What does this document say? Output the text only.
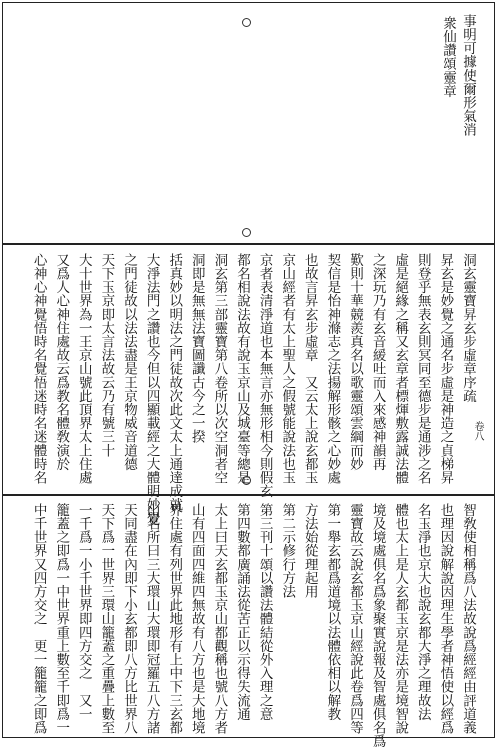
事明可據使爾形氣消
衆仙讚頌靈章
卷八
洞玄靈寶昇玄步虛章序疏
昇玄是妙覺之通名步虛是神造之貞梯昇
則登乎無表玄則冥同至德步是通涉之名
虛是絕緣之稱又玄章者標煇敷露誠法體
之深玩乃有玄音緩吐而入來感神韻再
歎則十華競羨真名以歌靈頌雲綱而妙
契信是怡神滌志之法揚解形骸之心妙處
也故言昇玄步虛章　又云太上說玄都玉
京山經者有太上聖人之假號能說法也玉
京者表清淨道也本無言亦無形相今則假玄
都名相說法故有說玉京山及城臺等總是
洞玄第三部靈寶第八卷所以次空洞者空
洞即是無無法寶圖讖古今之一揆
括真妙以明法之門徒故次此文太上通達成就
大淨法門之讚也今但以四顯載經之大體明妙覺
之門徒故以法法盡是王京物威音道德
天下玉京即太言法故云乃有號三十
大十世界為一王京山號此頂界太上住處
又爲人心神住處故云爲教名體敎演於
心神心神覺悟時名覺悟迷時名迷體時名
智敎使相稱爲八法故說爲經經由評道義
也理因說解說因理生學者神悟使以經爲
名玉淨也京大也說玄都大淨之理故法
體也太上是人玄都玉京是法亦是境智說
境及境處俱名爲象聚實說報及智處俱名爲
靈寶故云說玄都玉京山經說此卷爲四等
第一舉玄都爲道境以法體依相以解教
方法始從理起用
第二示修行方法
第三刊十頌以讚法體結從外入理之意
第四數都廣誦法從苦正以示得失流通
太上曰天玄都玉京山都觀稱也號八方者
山有四面四維四無故有八方也是大地境
界住處有列世界此地形有上中下三玄都
山名所曰三大環山大環即冠羅五八方諸
天同盡在內即下小玄都即八方比世界八
天下爲一世界三環山籠蓋之重疊上數至
一千爲一小千世界即四方交之　又一
籠蓋之即爲一中世界重上數至千即爲一
中千世界又四方交之　更一籠籠之即爲
